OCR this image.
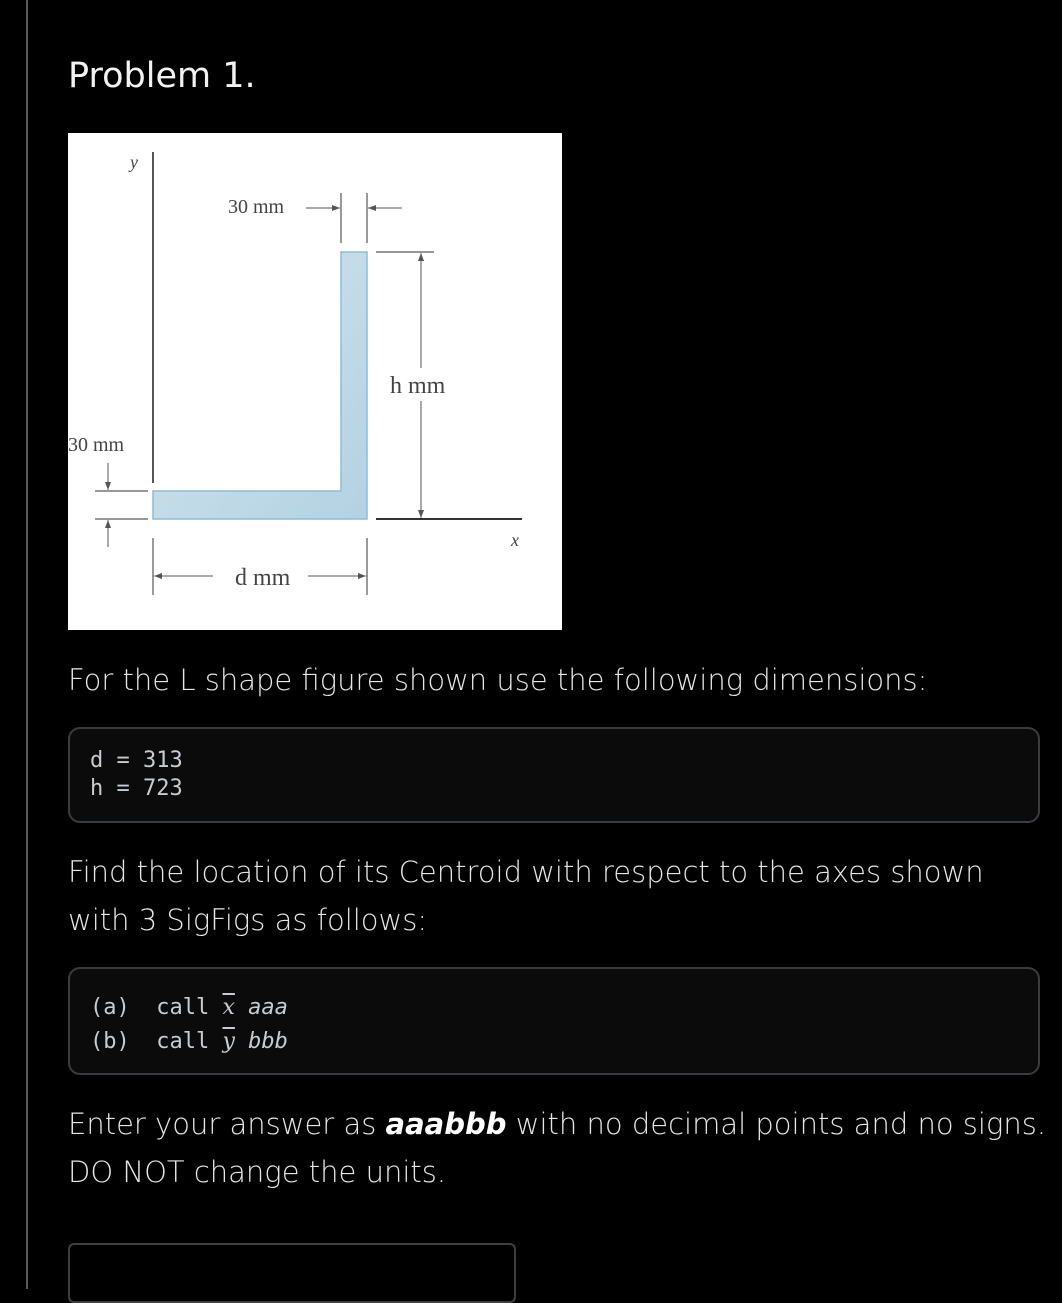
Problem 1.
30 mm
h mm
30 mm
d mm
x
y
For the L shape figure shown use the following dimensions:
d = 313
h = 723
Find the location of its Centroid with respect to the axes shown with 3 SigFigs as follows:
(a) call $\overline{x}$ aaa
(b) call $\overline{y}$ bbb
Enter your answer as aaabbb with no decimal points and no signs. DO NOT change the units.
